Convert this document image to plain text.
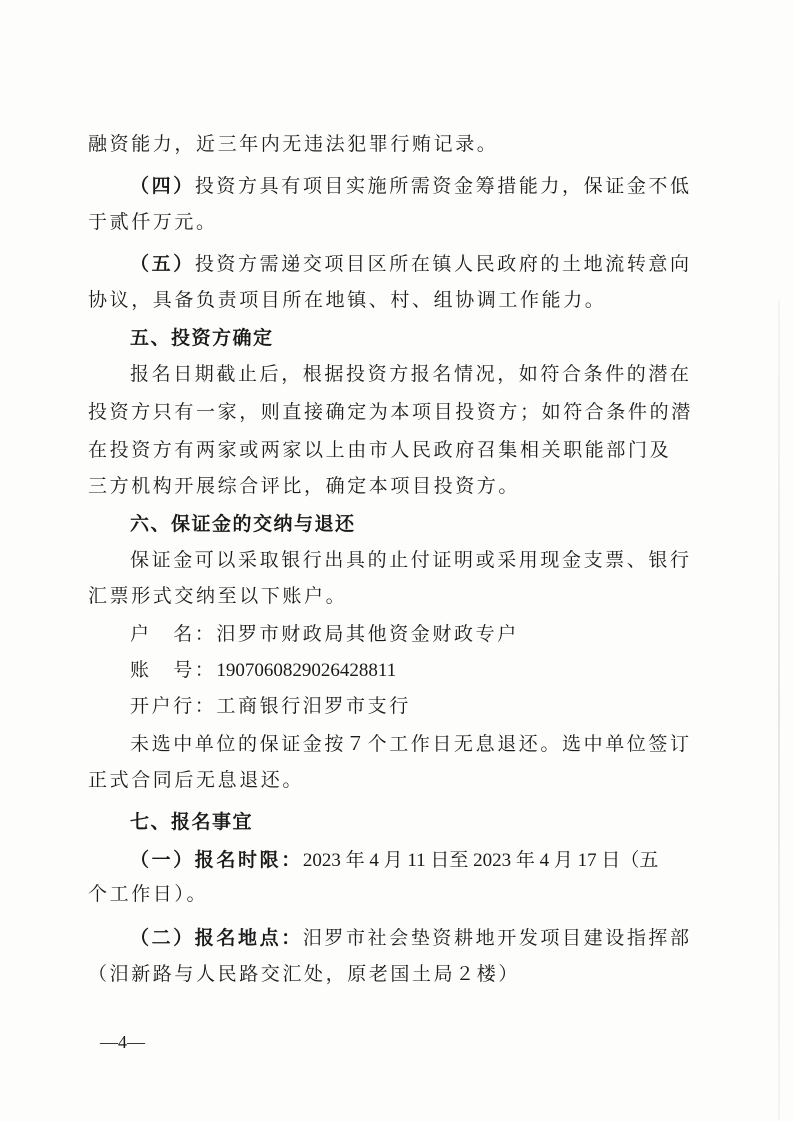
融资能力，近三年内无违法犯罪行贿记录。
（四）投资方具有项目实施所需资金筹措能力，保证金不低
于贰仟万元。
（五）投资方需递交项目区所在镇人民政府的土地流转意向
协议，具备负责项目所在地镇、村、组协调工作能力。
五、投资方确定
报名日期截止后，根据投资方报名情况，如符合条件的潜在
投资方只有一家，则直接确定为本项目投资方；如符合条件的潜
在投资方有两家或两家以上由市人民政府召集相关职能部门及
三方机构开展综合评比，确定本项目投资方。
六、保证金的交纳与退还
保证金可以采取银行出具的止付证明或采用现金支票、银行
汇票形式交纳至以下账户。
户　名：汨罗市财政局其他资金财政专户
账　号：1907060829026428811
开户行：工商银行汨罗市支行
未选中单位的保证金按７个工作日无息退还。选中单位签订
正式合同后无息退还。
七、报名事宜
（一）报名时限：2023 年 4 月 11 日至 2023 年 4 月 17 日（五
个工作日）。
（二）报名地点：汨罗市社会垫资耕地开发项目建设指挥部
（汨新路与人民路交汇处，原老国土局２楼）
—4—
